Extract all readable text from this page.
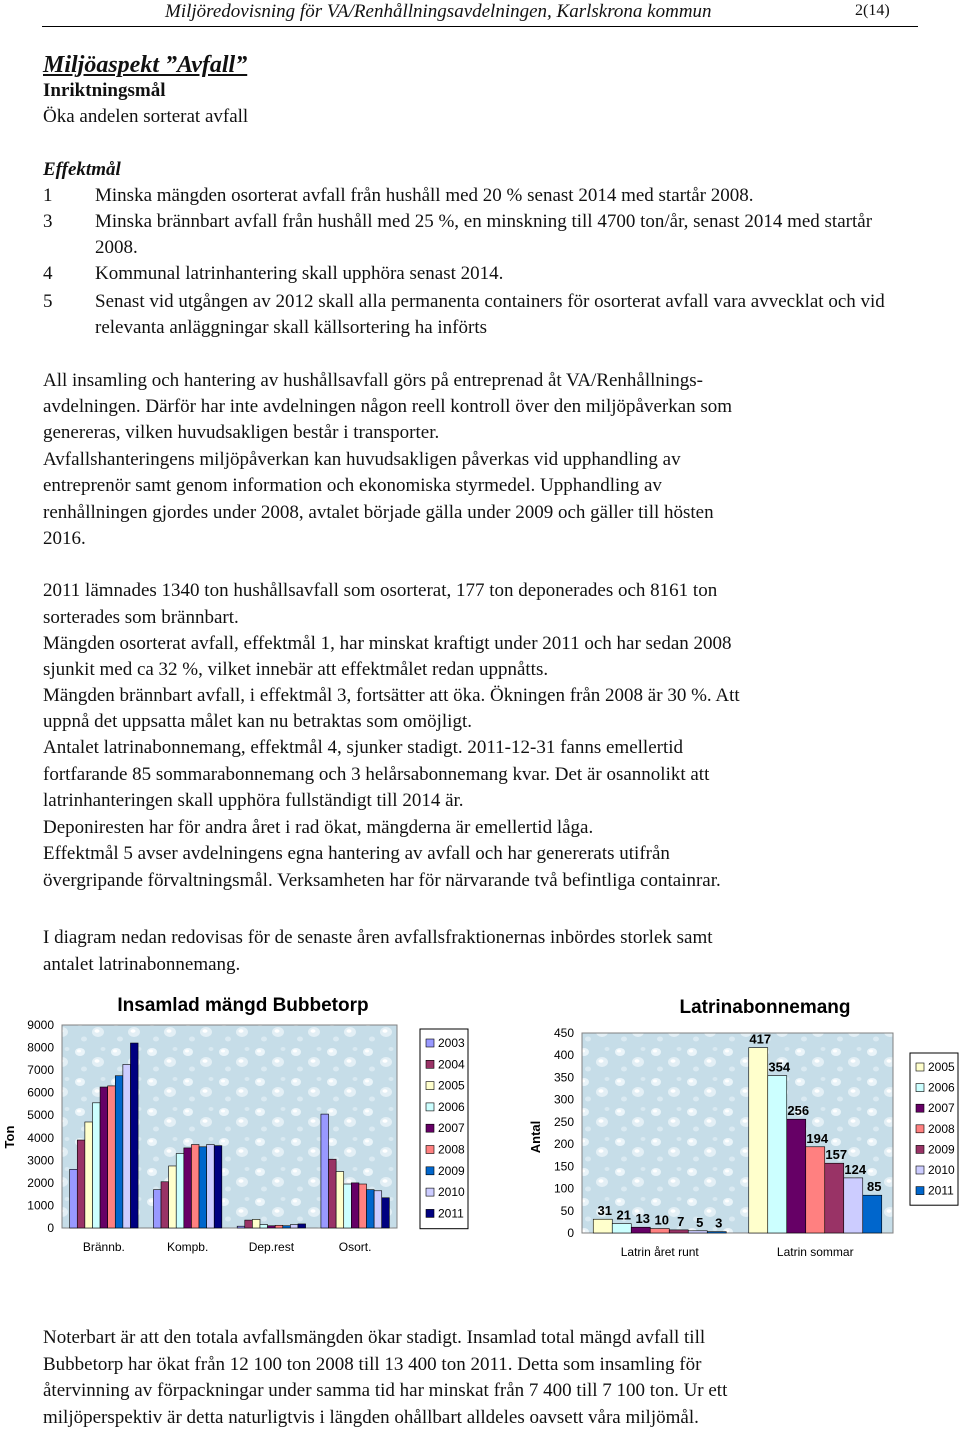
Miljöredovisning för VA/Renhållningsavdelningen, Karlskrona kommun	2(14)
Miljöaspekt ”Avfall”
Inriktningsmål
Öka andelen sorterat avfall
Effektmål
1 Minska mängden osorterat avfall från hushåll med 20 % senast 2014 med startår 2008.
3 Minska brännbart avfall från hushåll med 25 %, en minskning till 4700 ton/år, senast 2014 med startår 2008.
4 Kommunal latrinhantering skall upphöra senast 2014.
5 Senast vid utgången av 2012 skall alla permanenta containers för osorterat avfall vara avvecklat och vid relevanta anläggningar skall källsortering ha införts
All insamling och hantering av hushållsavfall görs på entreprenad åt VA/Renhållnings-
avdelningen. Därför har inte avdelningen någon reell kontroll över den miljöpåverkan som
genereras, vilken huvudsakligen består i transporter.
Avfallshanteringens miljöpåverkan kan huvudsakligen påverkas vid upphandling av
entreprenör samt genom information och ekonomiska styrmedel. Upphandling av
renhållningen gjordes under 2008, avtalet började gälla under 2009 och gäller till hösten
2016.
2011 lämnades 1340 ton hushållsavfall som osorterat, 177 ton deponerades och 8161 ton
sorterades som brännbart.
Mängden osorterat avfall, effektmål 1, har minskat kraftigt under 2011 och har sedan 2008
sjunkit med ca 32 %, vilket innebär att effektmålet redan uppnåtts.
Mängden brännbart avfall, i effektmål 3, fortsätter att öka. Ökningen från 2008 är 30 %. Att
uppnå det uppsatta målet kan nu betraktas som omöjligt.
Antalet latrinabonnemang, effektmål 4, sjunker stadigt. 2011-12-31 fanns emellertid
fortfarande 85 sommarabonnemang och 3 helårsabonnemang kvar. Det är osannolikt att
latrinhanteringen skall upphöra fullständigt till 2014 är.
Deponiresten har för andra året i rad ökat, mängderna är emellertid låga.
Effektmål 5 avser avdelningens egna hantering av avfall och har genererats utifrån
övergripande förvaltningsmål. Verksamheten har för närvarande två befintliga containrar.
I diagram nedan redovisas för de senaste åren avfallsfraktionernas inbördes storlek samt
antalet latrinabonnemang.
Insamlad mängd Bubbetorp
Ton
0
1000
2000
3000
4000
5000
6000
7000
8000
9000
Brännb.	Kompb.	Dep.rest	Osort.
2003
2004
2005
2006
2007
2008
2009
2010
2011
Latrinabonnemang
Antal
0
50
100
150
200
250
300
350
400
450
31 21 13 10 7 5 3
Latrin året runt
417
354
256
194
157
124
85
Latrin sommar
2005
2006
2007
2008
2009
2010
2011
Noterbart är att den totala avfallsmängden ökar stadigt. Insamlad total mängd avfall till
Bubbetorp har ökat från 12 100 ton 2008 till 13 400 ton 2011. Detta som insamling för
återvinning av förpackningar under samma tid har minskat från 7 400 till 7 100 ton. Ur ett
miljöperspektiv är detta naturligtvis i längden ohållbart alldeles oavsett våra miljömål.
